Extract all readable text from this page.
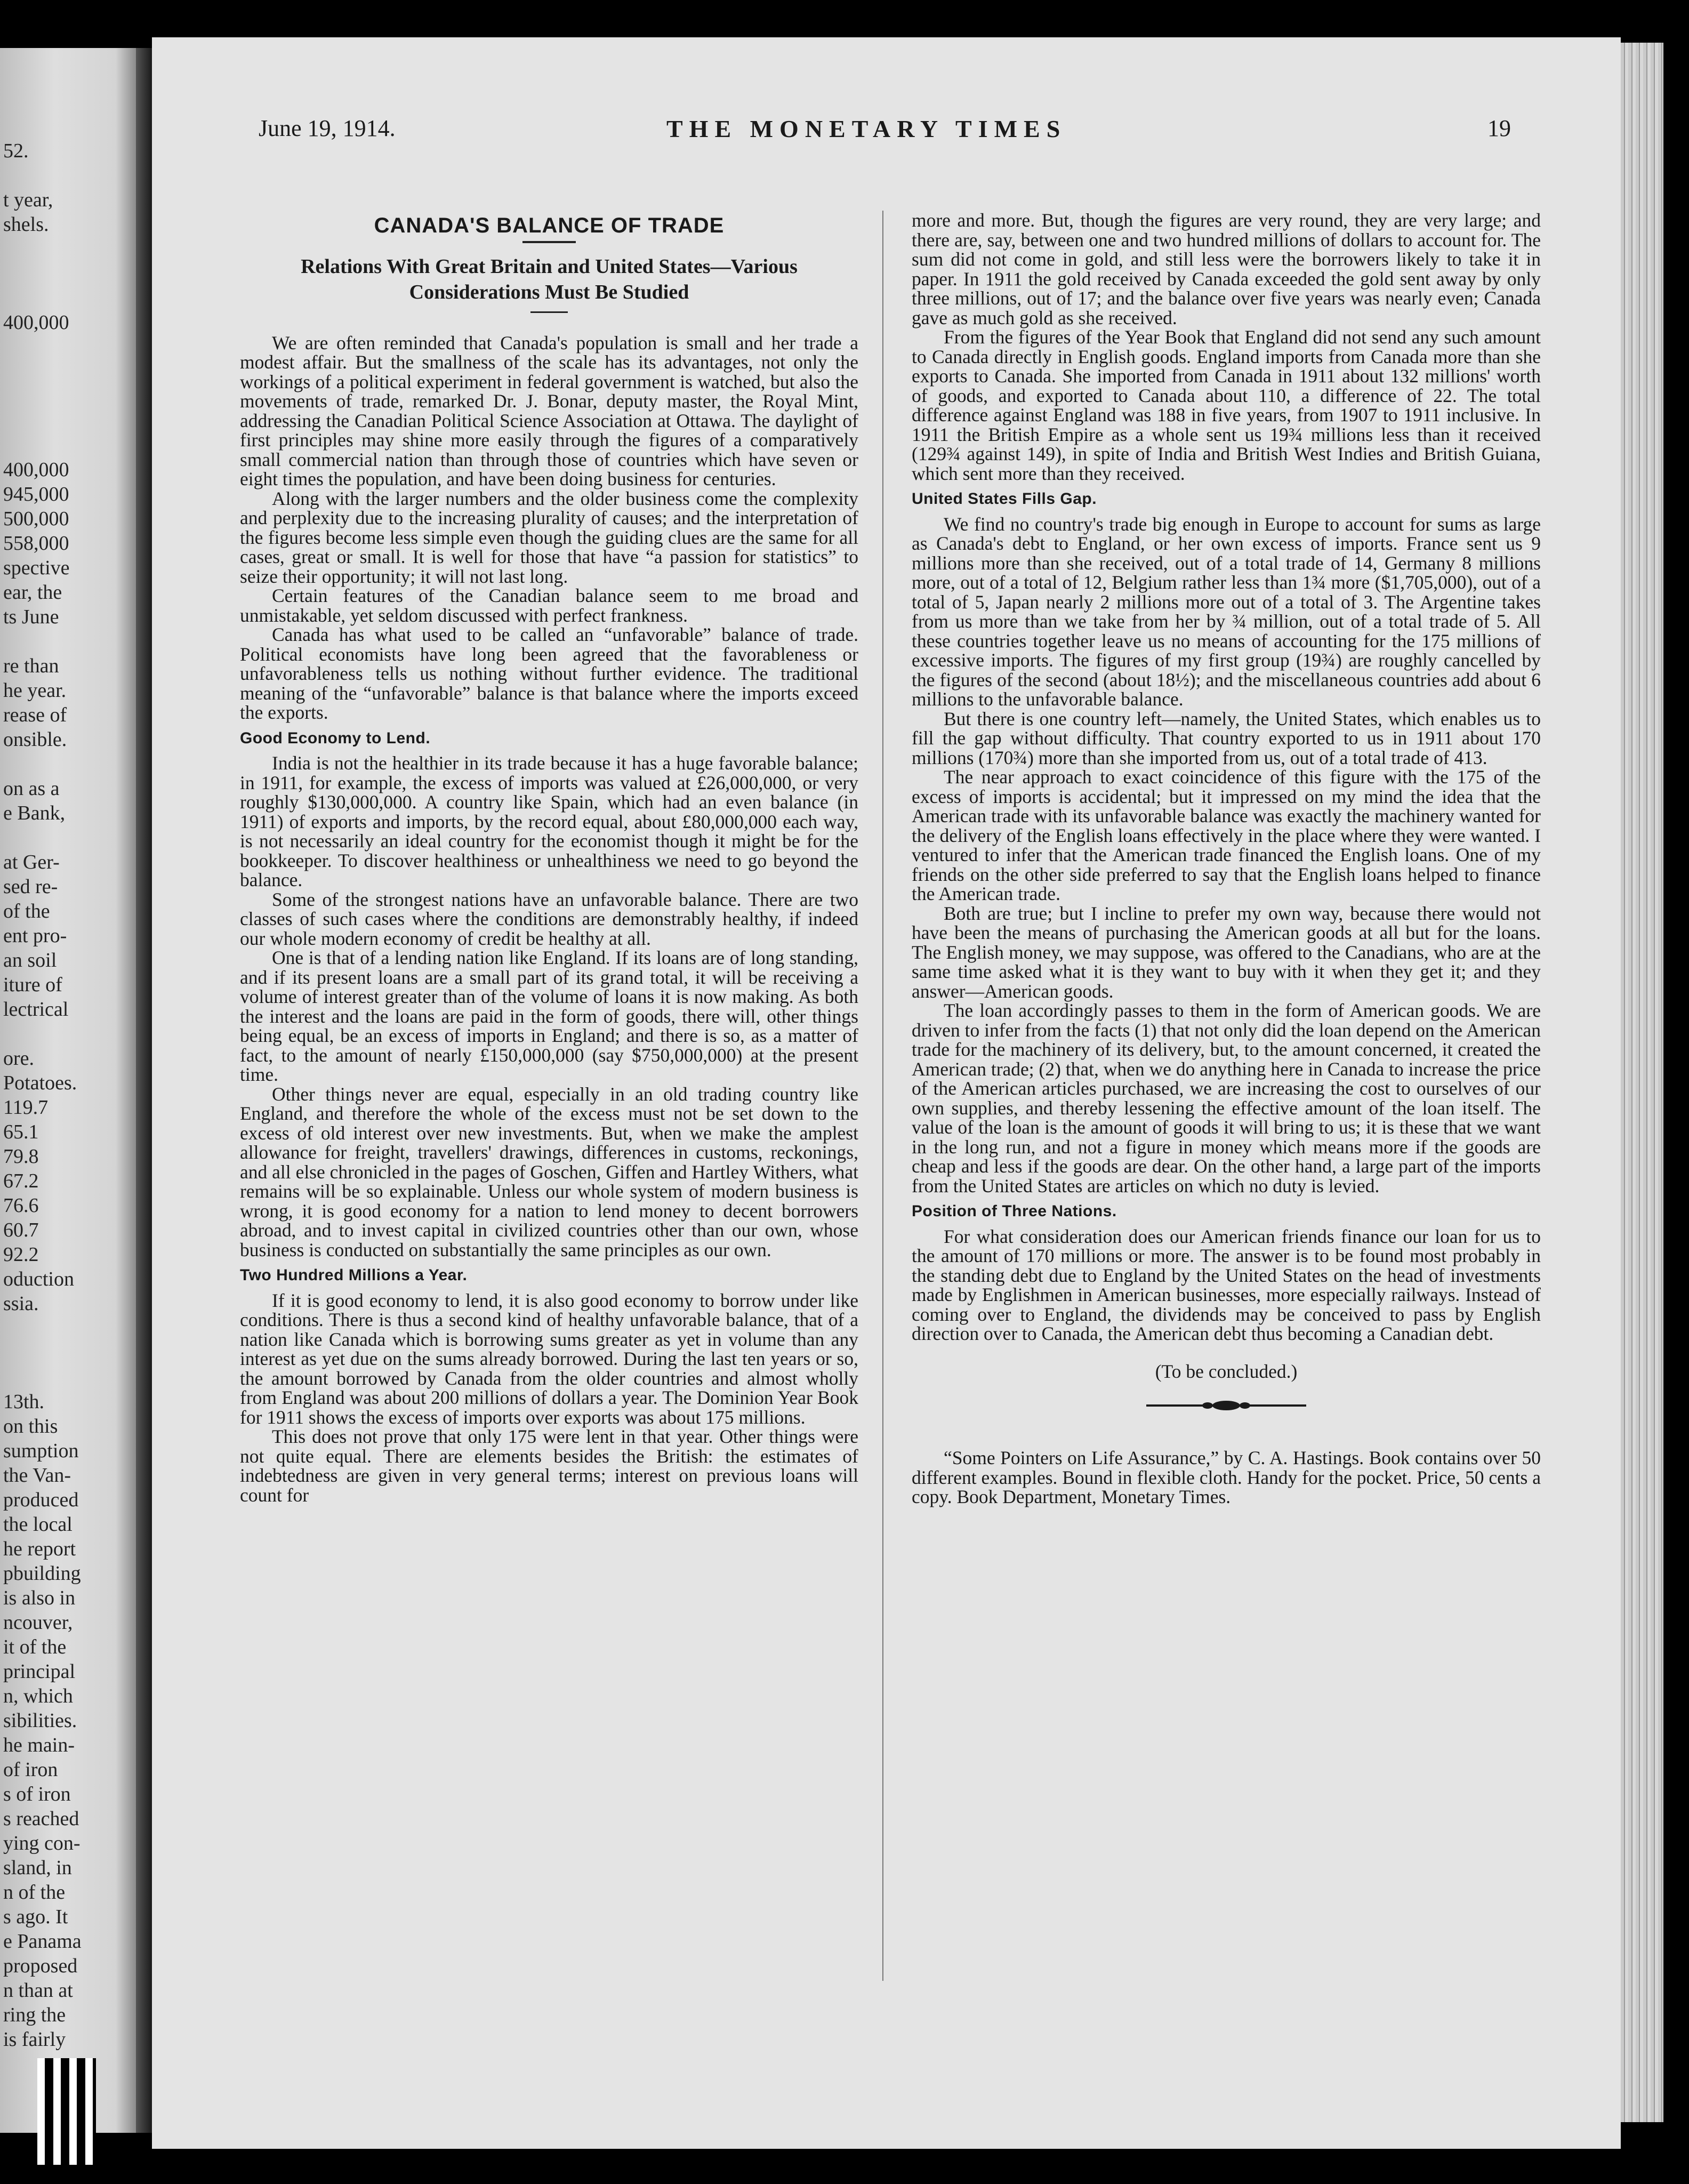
52.

t year,
shels.

400,000

400,000
945,000
500,000
558,000
spective
ear, the
ts June

re than
he year.
rease of
onsible.

on as a
e Bank,

at Ger-
sed re-
of the
ent pro-
an soil
iture of
lectrical

ore.
Potatoes.
119.7
65.1
79.8
67.2
76.6
60.7
92.2
oduction
ssia.

13th.
on this
sumption
the Van-
produced
the local
he report
pbuilding
is also in
ncouver,
it of the
principal
n, which
sibilities.
he main-
of iron
s of iron
s reached
ying con-
sland, in
n of the
s ago. It
e Panama
proposed
n than at
ring the
is fairly
June 19, 1914.	THE MONETARY TIMES	19
CANADA'S BALANCE OF TRADE
Relations With Great Britain and United States—Various
Considerations Must Be Studied

We are often reminded that Canada's population is small and her trade a modest affair. But the smallness of the scale has its advantages, not only the workings of a political experiment in federal government is watched, but also the movements of trade, remarked Dr. J. Bonar, deputy master, the Royal Mint, addressing the Canadian Political Science Association at Ottawa. The daylight of first principles may shine more easily through the figures of a comparatively small commercial nation than through those of countries which have seven or eight times the population, and have been doing business for centuries.

Along with the larger numbers and the older business come the complexity and perplexity due to the increasing plurality of causes; and the interpretation of the figures become less simple even though the guiding clues are the same for all cases, great or small. It is well for those that have “a passion for statistics” to seize their opportunity; it will not last long.

Certain features of the Canadian balance seem to me broad and unmistakable, yet seldom discussed with perfect frankness.

Canada has what used to be called an “unfavorable” balance of trade. Political economists have long been agreed that the favorableness or unfavorableness tells us nothing without further evidence. The traditional meaning of the “unfavorable” balance is that balance where the imports exceed the exports.

Good Economy to Lend.

India is not the healthier in its trade because it has a huge favorable balance; in 1911, for example, the excess of imports was valued at £26,000,000, or very roughly $130,000,000. A country like Spain, which had an even balance (in 1911) of exports and imports, by the record equal, about £80,000,000 each way, is not necessarily an ideal country for the economist though it might be for the bookkeeper. To discover healthiness or unhealthiness we need to go beyond the balance.

Some of the strongest nations have an unfavorable balance. There are two classes of such cases where the conditions are demonstrably healthy, if indeed our whole modern economy of credit be healthy at all.

One is that of a lending nation like England. If its loans are of long standing, and if its present loans are a small part of its grand total, it will be receiving a volume of interest greater than of the volume of loans it is now making. As both the interest and the loans are paid in the form of goods, there will, other things being equal, be an excess of imports in England; and there is so, as a matter of fact, to the amount of nearly £150,000,000 (say $750,000,000) at the present time.

Other things never are equal, especially in an old trading country like England, and therefore the whole of the excess must not be set down to the excess of old interest over new investments. But, when we make the amplest allowance for freight, travellers' drawings, differences in customs, reckonings, and all else chronicled in the pages of Goschen, Giffen and Hartley Withers, what remains will be so explainable. Unless our whole system of modern business is wrong, it is good economy for a nation to lend money to decent borrowers abroad, and to invest capital in civilized countries other than our own, whose business is conducted on substantially the same principles as our own.

Two Hundred Millions a Year.

If it is good economy to lend, it is also good economy to borrow under like conditions. There is thus a second kind of healthy unfavorable balance, that of a nation like Canada which is borrowing sums greater as yet in volume than any interest as yet due on the sums already borrowed. During the last ten years or so, the amount borrowed by Canada from the older countries and almost wholly from England was about 200 millions of dollars a year. The Dominion Year Book for 1911 shows the excess of imports over exports was about 175 millions.

This does not prove that only 175 were lent in that year. Other things were not quite equal. There are elements besides the British: the estimates of indebtedness are given in very general terms; interest on previous loans will count for

more and more. But, though the figures are very round, they are very large; and there are, say, between one and two hundred millions of dollars to account for. The sum did not come in gold, and still less were the borrowers likely to take it in paper. In 1911 the gold received by Canada exceeded the gold sent away by only three millions, out of 17; and the balance over five years was nearly even; Canada gave as much gold as she received.

From the figures of the Year Book that England did not send any such amount to Canada directly in English goods. England imports from Canada more than she exports to Canada. She imported from Canada in 1911 about 132 millions' worth of goods, and exported to Canada about 110, a difference of 22. The total difference against England was 188 in five years, from 1907 to 1911 inclusive. In 1911 the British Empire as a whole sent us 19¾ millions less than it received (129¾ against 149), in spite of India and British West Indies and British Guiana, which sent more than they received.

United States Fills Gap.

We find no country's trade big enough in Europe to account for sums as large as Canada's debt to England, or her own excess of imports. France sent us 9 millions more than she received, out of a total trade of 14, Germany 8 millions more, out of a total of 12, Belgium rather less than 1¾ more ($1,705,000), out of a total of 5, Japan nearly 2 millions more out of a total of 3. The Argentine takes from us more than we take from her by ¾ million, out of a total trade of 5. All these countries together leave us no means of accounting for the 175 millions of excessive imports. The figures of my first group (19¾) are roughly cancelled by the figures of the second (about 18½); and the miscellaneous countries add about 6 millions to the unfavorable balance.

But there is one country left—namely, the United States, which enables us to fill the gap without difficulty. That country exported to us in 1911 about 170 millions (170¾) more than she imported from us, out of a total trade of 413.

The near approach to exact coincidence of this figure with the 175 of the excess of imports is accidental; but it impressed on my mind the idea that the American trade with its unfavorable balance was exactly the machinery wanted for the delivery of the English loans effectively in the place where they were wanted. I ventured to infer that the American trade financed the English loans. One of my friends on the other side preferred to say that the English loans helped to finance the American trade.

Both are true; but I incline to prefer my own way, because there would not have been the means of purchasing the American goods at all but for the loans. The English money, we may suppose, was offered to the Canadians, who are at the same time asked what it is they want to buy with it when they get it; and they answer—American goods.

The loan accordingly passes to them in the form of American goods. We are driven to infer from the facts (1) that not only did the loan depend on the American trade for the machinery of its delivery, but, to the amount concerned, it created the American trade; (2) that, when we do anything here in Canada to increase the price of the American articles purchased, we are increasing the cost to ourselves of our own supplies, and thereby lessening the effective amount of the loan itself. The value of the loan is the amount of goods it will bring to us; it is these that we want in the long run, and not a figure in money which means more if the goods are cheap and less if the goods are dear. On the other hand, a large part of the imports from the United States are articles on which no duty is levied.

Position of Three Nations.

For what consideration does our American friends finance our loan for us to the amount of 170 millions or more. The answer is to be found most probably in the standing debt due to England by the United States on the head of investments made by Englishmen in American businesses, more especially railways. Instead of coming over to England, the dividends may be conceived to pass by English direction over to Canada, the American debt thus becoming a Canadian debt.

(To be concluded.)

“Some Pointers on Life Assurance,” by C. A. Hastings. Book contains over 50 different examples. Bound in flexible cloth. Handy for the pocket. Price, 50 cents a copy. Book Department, Monetary Times.
